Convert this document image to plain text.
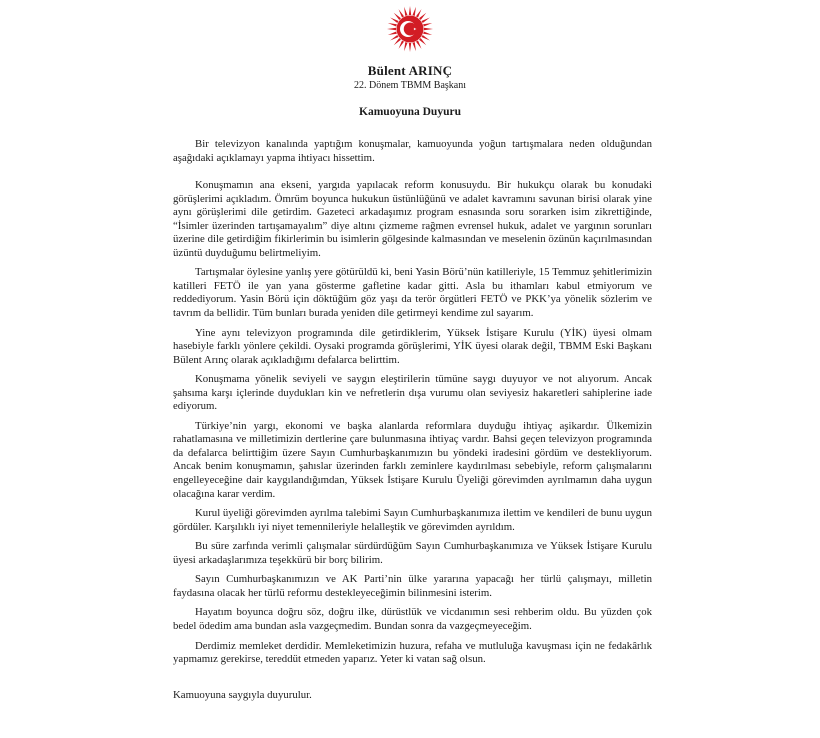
Bülent ARINÇ
22. Dönem TBMM Başkanı
Kamuoyuna Duyuru

Bir televizyon kanalında yaptığım konuşmalar, kamuoyunda yoğun tartışmalara neden olduğundan aşağıdaki açıklamayı yapma ihtiyacı hissettim.

Konuşmamın ana ekseni, yargıda yapılacak reform konusuydu. Bir hukukçu olarak bu konudaki görüşlerimi açıkladım. Ömrüm boyunca hukukun üstünlüğünü ve adalet kavramını savunan birisi olarak yine aynı görüşlerimi dile getirdim. Gazeteci arkadaşımız program esnasında soru sorarken isim zikrettiğinde, “İsimler üzerinden tartışamayalım” diye altını çizmeme rağmen evrensel hukuk, adalet ve yargının sorunları üzerine dile getirdiğim fikirlerimin bu isimlerin gölgesinde kalmasından ve meselenin özünün kaçırılmasından üzüntü duyduğumu belirtmeliyim.

Tartışmalar öylesine yanlış yere götürüldü ki, beni Yasin Börü’nün katilleriyle, 15 Temmuz şehitlerimizin katilleri FETÖ ile yan yana gösterme gafletine kadar gitti. Asla bu ithamları kabul etmiyorum ve reddediyorum. Yasin Börü için döktüğüm göz yaşı da terör örgütleri FETÖ ve PKK’ya yönelik sözlerim ve tavrım da bellidir. Tüm bunları burada yeniden dile getirmeyi kendime zul sayarım.

Yine aynı televizyon programında dile getirdiklerim, Yüksek İstişare Kurulu (YİK) üyesi olmam hasebiyle farklı yönlere çekildi. Oysaki programda görüşlerimi, YİK üyesi olarak değil, TBMM Eski Başkanı Bülent Arınç olarak açıkladığımı defalarca belirttim.

Konuşmama yönelik seviyeli ve saygın eleştirilerin tümüne saygı duyuyor ve not alıyorum. Ancak şahsıma karşı içlerinde duydukları kin ve nefretlerin dışa vurumu olan seviyesiz hakaretleri sahiplerine iade ediyorum.

Türkiye’nin yargı, ekonomi ve başka alanlarda reformlara duyduğu ihtiyaç aşikardır. Ülkemizin rahatlamasına ve milletimizin dertlerine çare bulunmasına ihtiyaç vardır. Bahsi geçen televizyon programında da defalarca belirttiğim üzere Sayın Cumhurbaşkanımızın bu yöndeki iradesini gördüm ve destekliyorum. Ancak benim konuşmamın, şahıslar üzerinden farklı zeminlere kaydırılması sebebiyle, reform çalışmalarını engelleyeceğine dair kaygılandığımdan, Yüksek İstişare Kurulu Üyeliği görevimden ayrılmamın daha uygun olacağına karar verdim.

Kurul üyeliği görevimden ayrılma talebimi Sayın Cumhurbaşkanımıza ilettim ve kendileri de bunu uygun gördüler. Karşılıklı iyi niyet temennileriyle helalleştik ve görevimden ayrıldım.

Bu süre zarfında verimli çalışmalar sürdürdüğüm Sayın Cumhurbaşkanımıza ve Yüksek İstişare Kurulu üyesi arkadaşlarımıza teşekkürü bir borç bilirim.

Sayın Cumhurbaşkanımızın ve AK Parti’nin ülke yararına yapacağı her türlü çalışmayı, milletin faydasına olacak her türlü reformu destekleyeceğimin bilinmesini isterim.

Hayatım boyunca doğru söz, doğru ilke, dürüstlük ve vicdanımın sesi rehberim oldu. Bu yüzden çok bedel ödedim ama bundan asla vazgeçmedim. Bundan sonra da vazgeçmeyeceğim.

Derdimiz memleket derdidir. Memleketimizin huzura, refaha ve mutluluğa kavuşması için ne fedakârlık yapmamız gerekirse, tereddüt etmeden yaparız. Yeter ki vatan sağ olsun.

Kamuoyuna saygıyla duyurulur.
